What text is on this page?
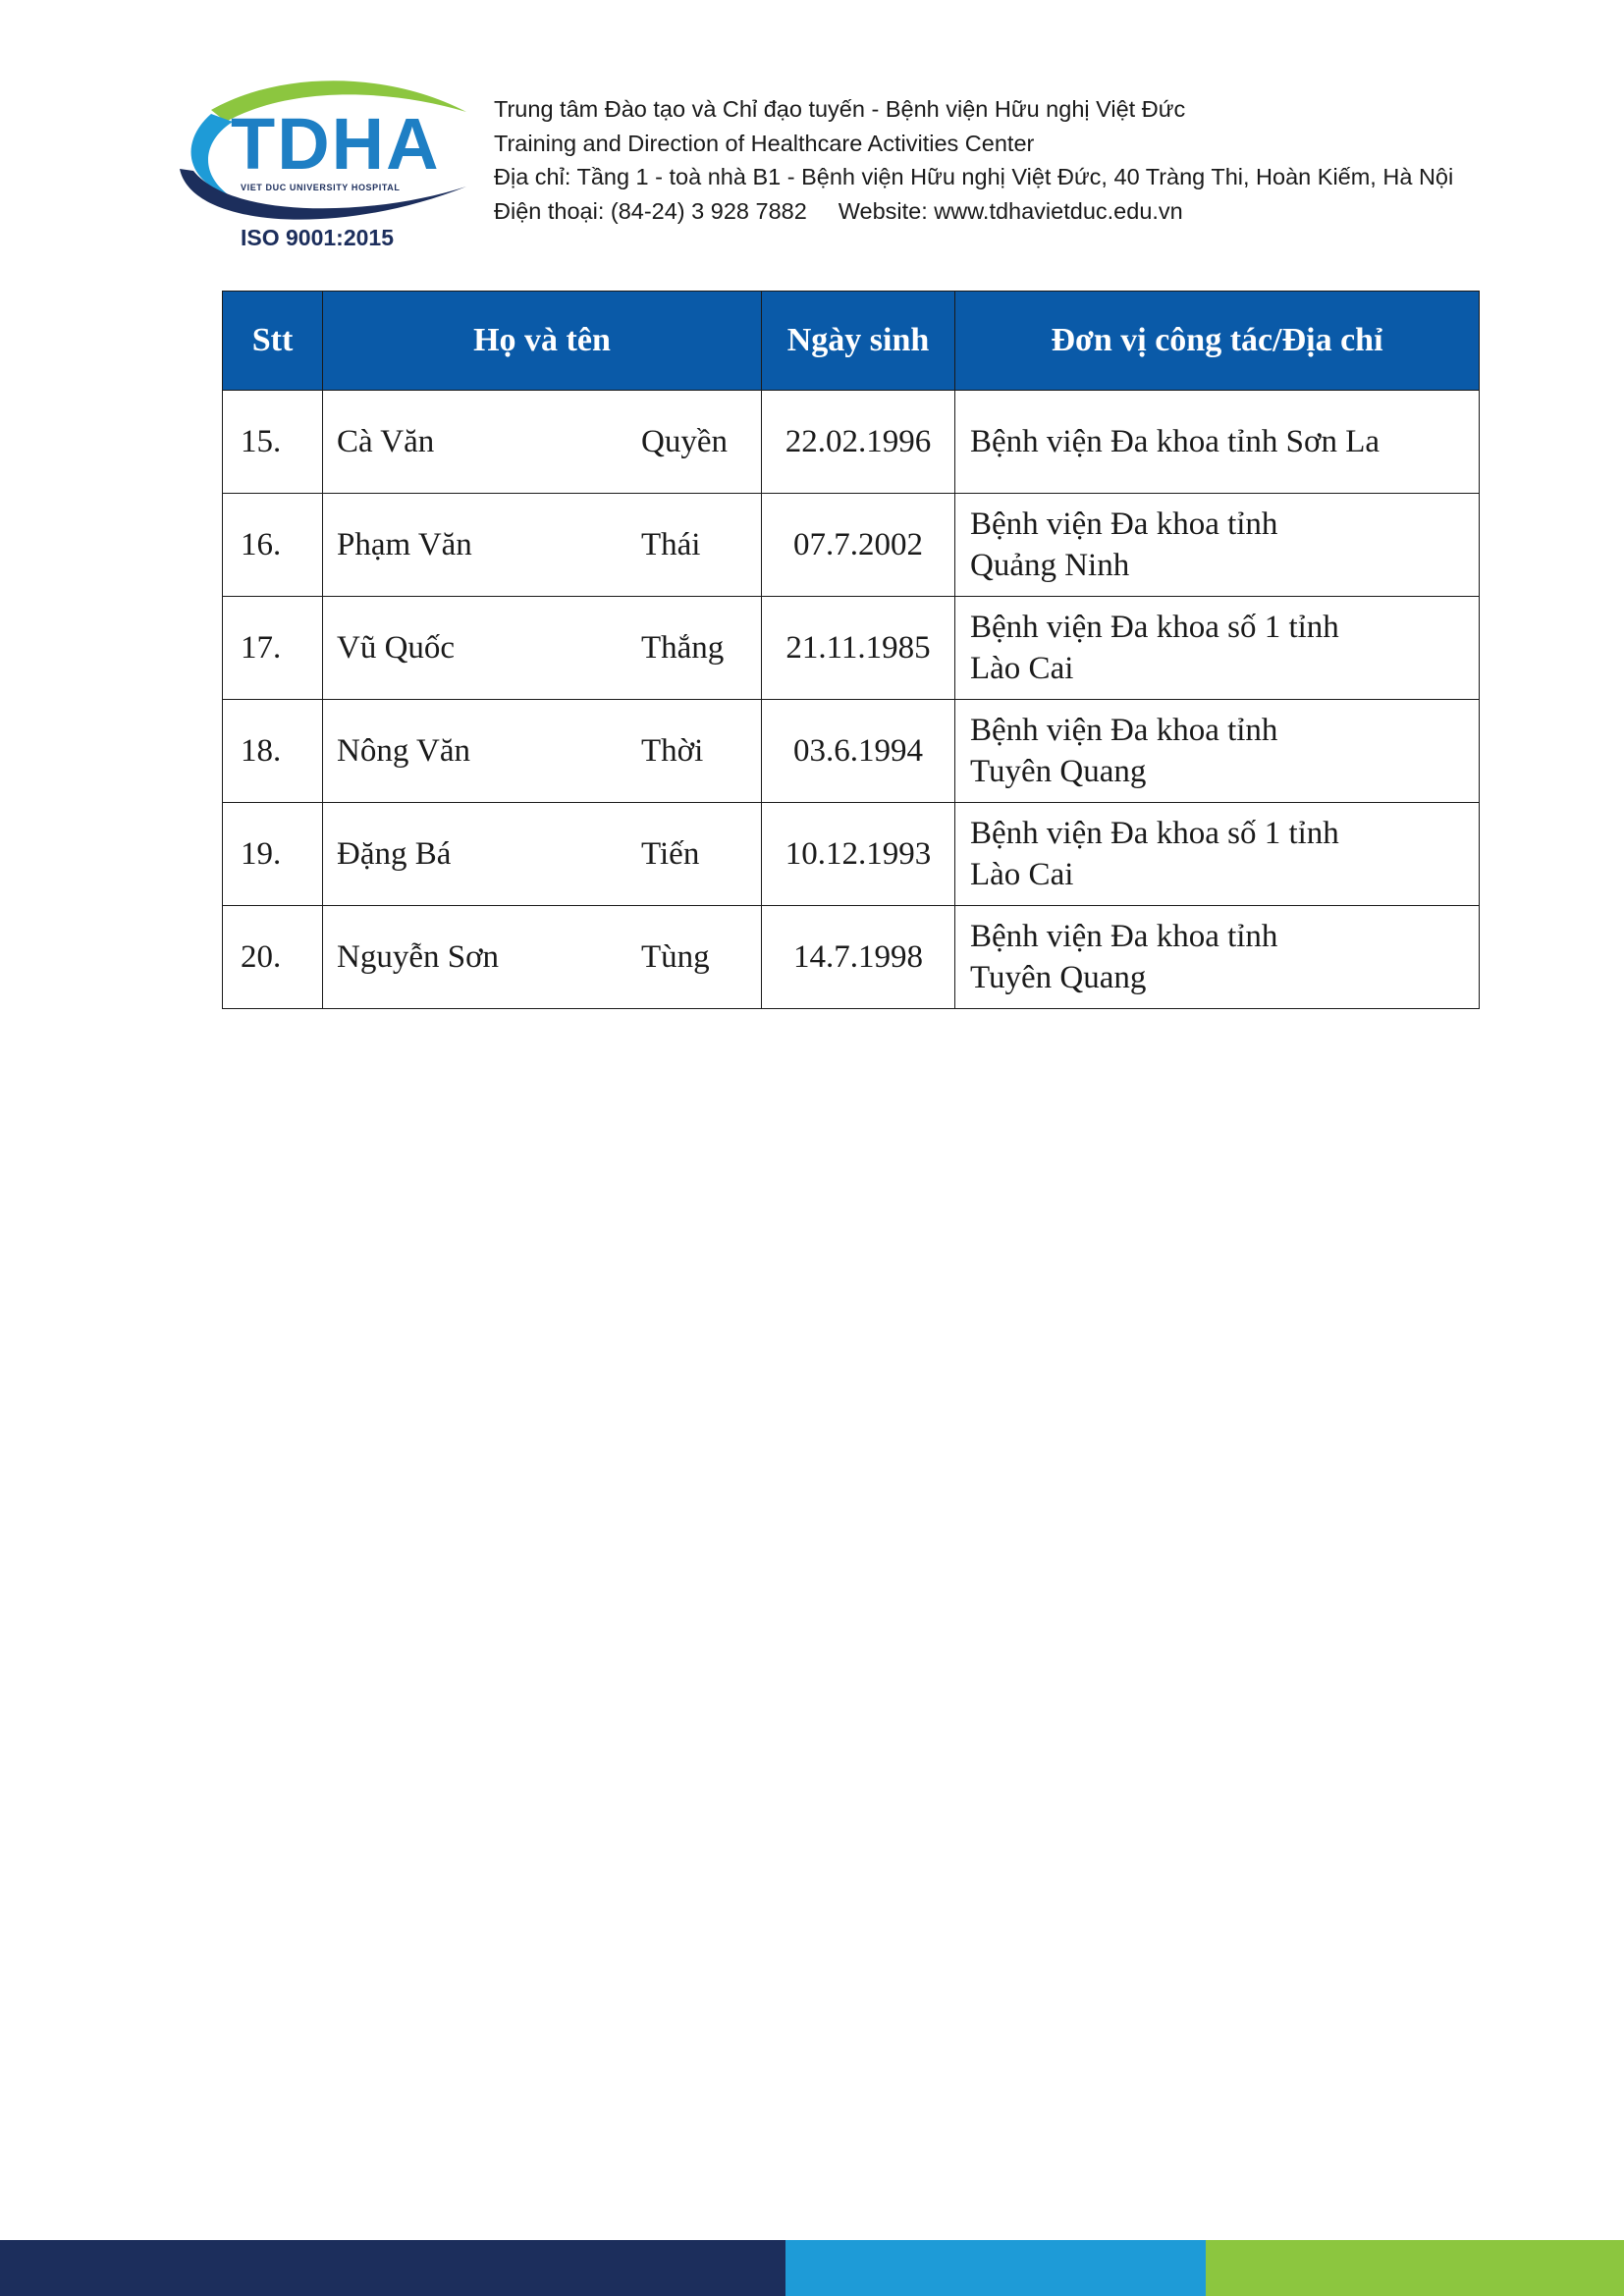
TDHA
VIET DUC UNIVERSITY HOSPITAL
ISO 9001:2015
Trung tâm Đào tạo và Chỉ đạo tuyến - Bệnh viện Hữu nghị Việt Đức
Training and Direction of Healthcare Activities Center
Địa chỉ: Tầng 1 - toà nhà B1 - Bệnh viện Hữu nghị Việt Đức, 40 Tràng Thi, Hoàn Kiếm, Hà Nội
Điện thoại: (84-24) 3 928 7882 Website: www.tdhavietduc.edu.vn
Stt	Họ và tên	Ngày sinh	Đơn vị công tác/Địa chỉ
15.	Cà Văn Quyền	22.02.1996	Bệnh viện Đa khoa tỉnh Sơn La

16.	Phạm Văn Thái	07.7.2002	Bệnh viện Đa khoa tỉnh Quảng Ninh

17.	Vũ Quốc Thắng	21.11.1985	Bệnh viện Đa khoa số 1 tỉnh Lào Cai

18.	Nông Văn Thời	03.6.1994	Bệnh viện Đa khoa tỉnh Tuyên Quang

19.	Đặng Bá Tiến	10.12.1993	Bệnh viện Đa khoa số 1 tỉnh Lào Cai

20.	Nguyễn Sơn Tùng	14.7.1998	Bệnh viện Đa khoa tỉnh Tuyên Quang
